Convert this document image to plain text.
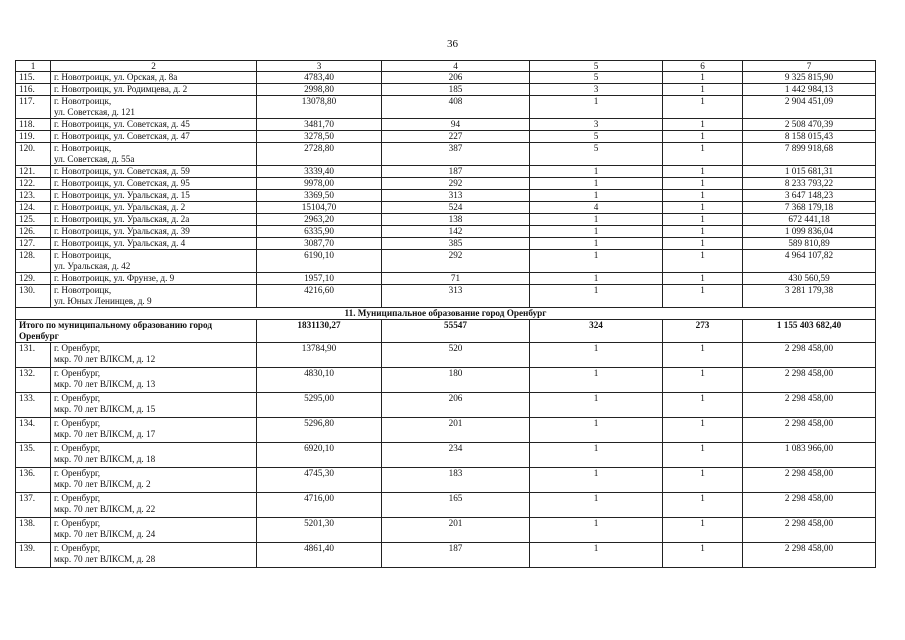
36
1	2	3	4	5	6	7
115.	г. Новотроицк, ул. Орская, д. 8а	4783,40	206	5	1	9 325 815,90
116.	г. Новотроицк, ул. Родимцева, д. 2	2998,80	185	3	1	1 442 984,13
117.	г. Новотроицк,
ул. Советская, д. 121	13078,80	408	1	1	2 904 451,09
118.	г. Новотроицк, ул. Советская, д. 45	3481,70	94	3	1	2 508 470,39
119.	г. Новотроицк, ул. Советская, д. 47	3278,50	227	5	1	8 158 015,43
120.	г. Новотроицк,
ул. Советская, д. 55а	2728,80	387	5	1	7 899 918,68
121.	г. Новотроицк, ул. Советская, д. 59	3339,40	187	1	1	1 015 681,31
122.	г. Новотроицк, ул. Советская, д. 95	9978,00	292	1	1	8 233 793,22
123.	г. Новотроицк, ул. Уральская, д. 15	3369,50	313	1	1	3 647 148,23
124.	г. Новотроицк, ул. Уральская, д. 2	15104,70	524	4	1	7 368 179,18
125.	г. Новотроицк, ул. Уральская, д. 2а	2963,20	138	1	1	672 441,18
126.	г. Новотроицк, ул. Уральская, д. 39	6335,90	142	1	1	1 099 836,04
127.	г. Новотроицк, ул. Уральская, д. 4	3087,70	385	1	1	589 810,89
128.	г. Новотроицк,
ул. Уральская, д. 42	6190,10	292	1	1	4 964 107,82
129.	г. Новотроицк, ул. Фрунзе, д. 9	1957,10	71	1	1	430 560,59
130.	г. Новотроицк,
ул. Юных Ленинцев, д. 9	4216,60	313	1	1	3 281 179,38
11. Муниципальное образование город Оренбург						
Итого по муниципальному образованию город Оренбург		1831130,27	55547	324	273	1 155 403 682,40
131.	г. Оренбург,
мкр. 70 лет ВЛКСМ, д. 12	13784,90	520	1	1	2 298 458,00
132.	г. Оренбург,
мкр. 70 лет ВЛКСМ, д. 13	4830,10	180	1	1	2 298 458,00
133.	г. Оренбург,
мкр. 70 лет ВЛКСМ, д. 15	5295,00	206	1	1	2 298 458,00
134.	г. Оренбург,
мкр. 70 лет ВЛКСМ, д. 17	5296,80	201	1	1	2 298 458,00
135.	г. Оренбург,
мкр. 70 лет ВЛКСМ, д. 18	6920,10	234	1	1	1 083 966,00
136.	г. Оренбург,
мкр. 70 лет ВЛКСМ, д. 2	4745,30	183	1	1	2 298 458,00
137.	г. Оренбург,
мкр. 70 лет ВЛКСМ, д. 22	4716,00	165	1	1	2 298 458,00
138.	г. Оренбург,
мкр. 70 лет ВЛКСМ, д. 24	5201,30	201	1	1	2 298 458,00
139.	г. Оренбург,
мкр. 70 лет ВЛКСМ, д. 28	4861,40	187	1	1	2 298 458,00
